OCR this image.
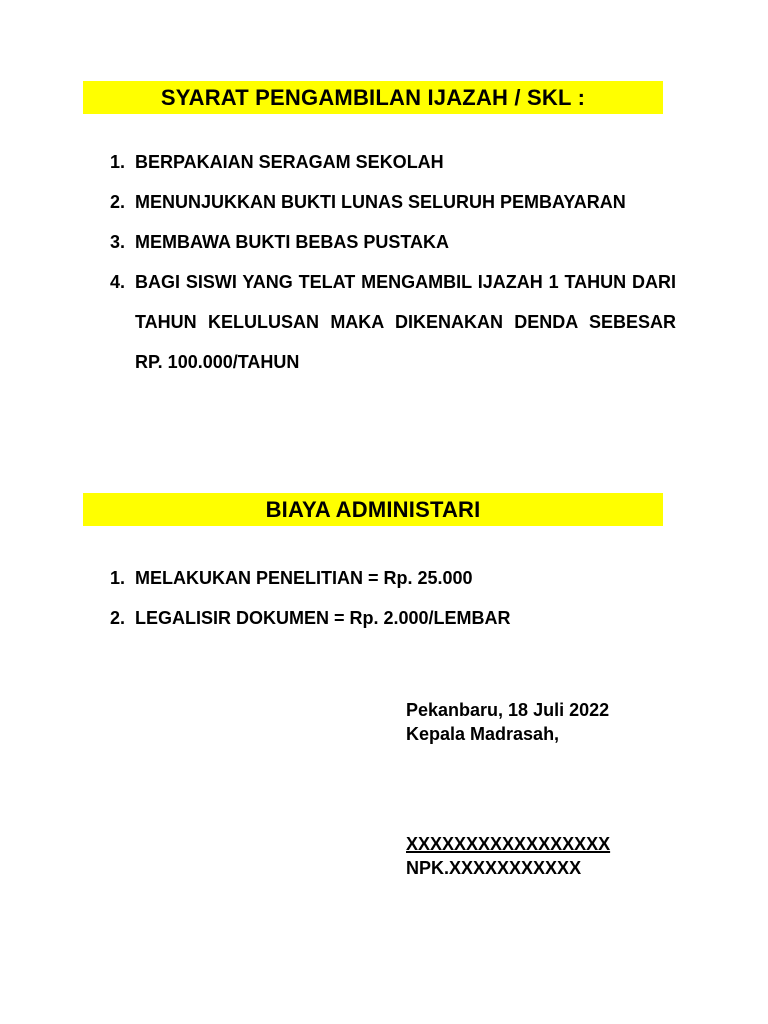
SYARAT PENGAMBILAN IJAZAH / SKL :
1. BERPAKAIAN SERAGAM SEKOLAH
2. MENUNJUKKAN BUKTI LUNAS SELURUH PEMBAYARAN
3. MEMBAWA BUKTI BEBAS PUSTAKA
4. BAGI SISWI YANG TELAT MENGAMBIL IJAZAH 1 TAHUN DARI TAHUN KELULUSAN MAKA DIKENAKAN DENDA SEBESAR RP. 100.000/TAHUN
BIAYA ADMINISTARI
1. MELAKUKAN PENELITIAN = Rp. 25.000
2. LEGALISIR DOKUMEN = Rp. 2.000/LEMBAR
Pekanbaru, 18 Juli 2022
Kepala Madrasah,
XXXXXXXXXXXXXXXXX
NPK.XXXXXXXXXXX
